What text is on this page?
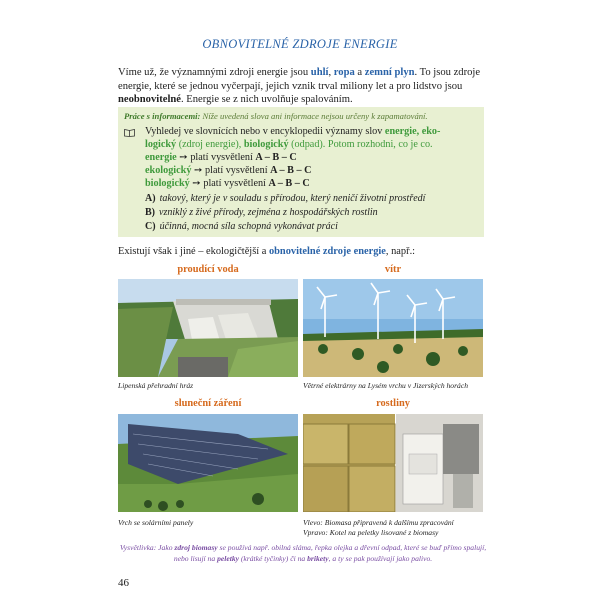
OBNOVITELNÉ ZDROJE ENERGIE
Víme už, že významnými zdroji energie jsou uhlí, ropa a zemní plyn. To jsou zdroje energie, které se jednou vyčerpají, jejich vznik trval miliony let a pro lidstvo jsou neobnovitelné. Energie se z nich uvolňuje spalováním.
Práce s informacemi: Níže uvedená slova ani informace nejsou určeny k zapamatování.
Vyhledej ve slovnících nebo v encyklopedii významy slov energie, eko-
logický (zdroj energie), biologický (odpad). Potom rozhodni, co je co.
energie ➙ platí vysvětlení A – B – C
ekologický ➙ platí vysvětlení A – B – C
biologický ➙ platí vysvětlení A – B – C
A) takový, který je v souladu s přírodou, který neničí životní prostředí
B) vzniklý z živé přírody, zejména z hospodářských rostlin
C) účinná, mocná síla schopná vykonávat práci
Existují však i jiné – ekologičtější a obnovitelné zdroje energie, např.:
proudící voda
Lipenská přehradní hráz
vítr
Větrné elektrárny na Lysém vrchu v Jizerských horách
sluneční záření
Vrch se solárními panely
rostliny
Vlevo: Biomasa připravená k dalšímu zpracování
Vpravo: Kotel na peletky lisované z biomasy
Vysvětlivka: Jako zdroj biomasy se používá např. obilná sláma, řepka olejka a dřevní odpad, které se buď přímo spalují, nebo lisují na peletky (krátké tyčinky) či na brikety, a ty se pak používají jako palivo.
46
